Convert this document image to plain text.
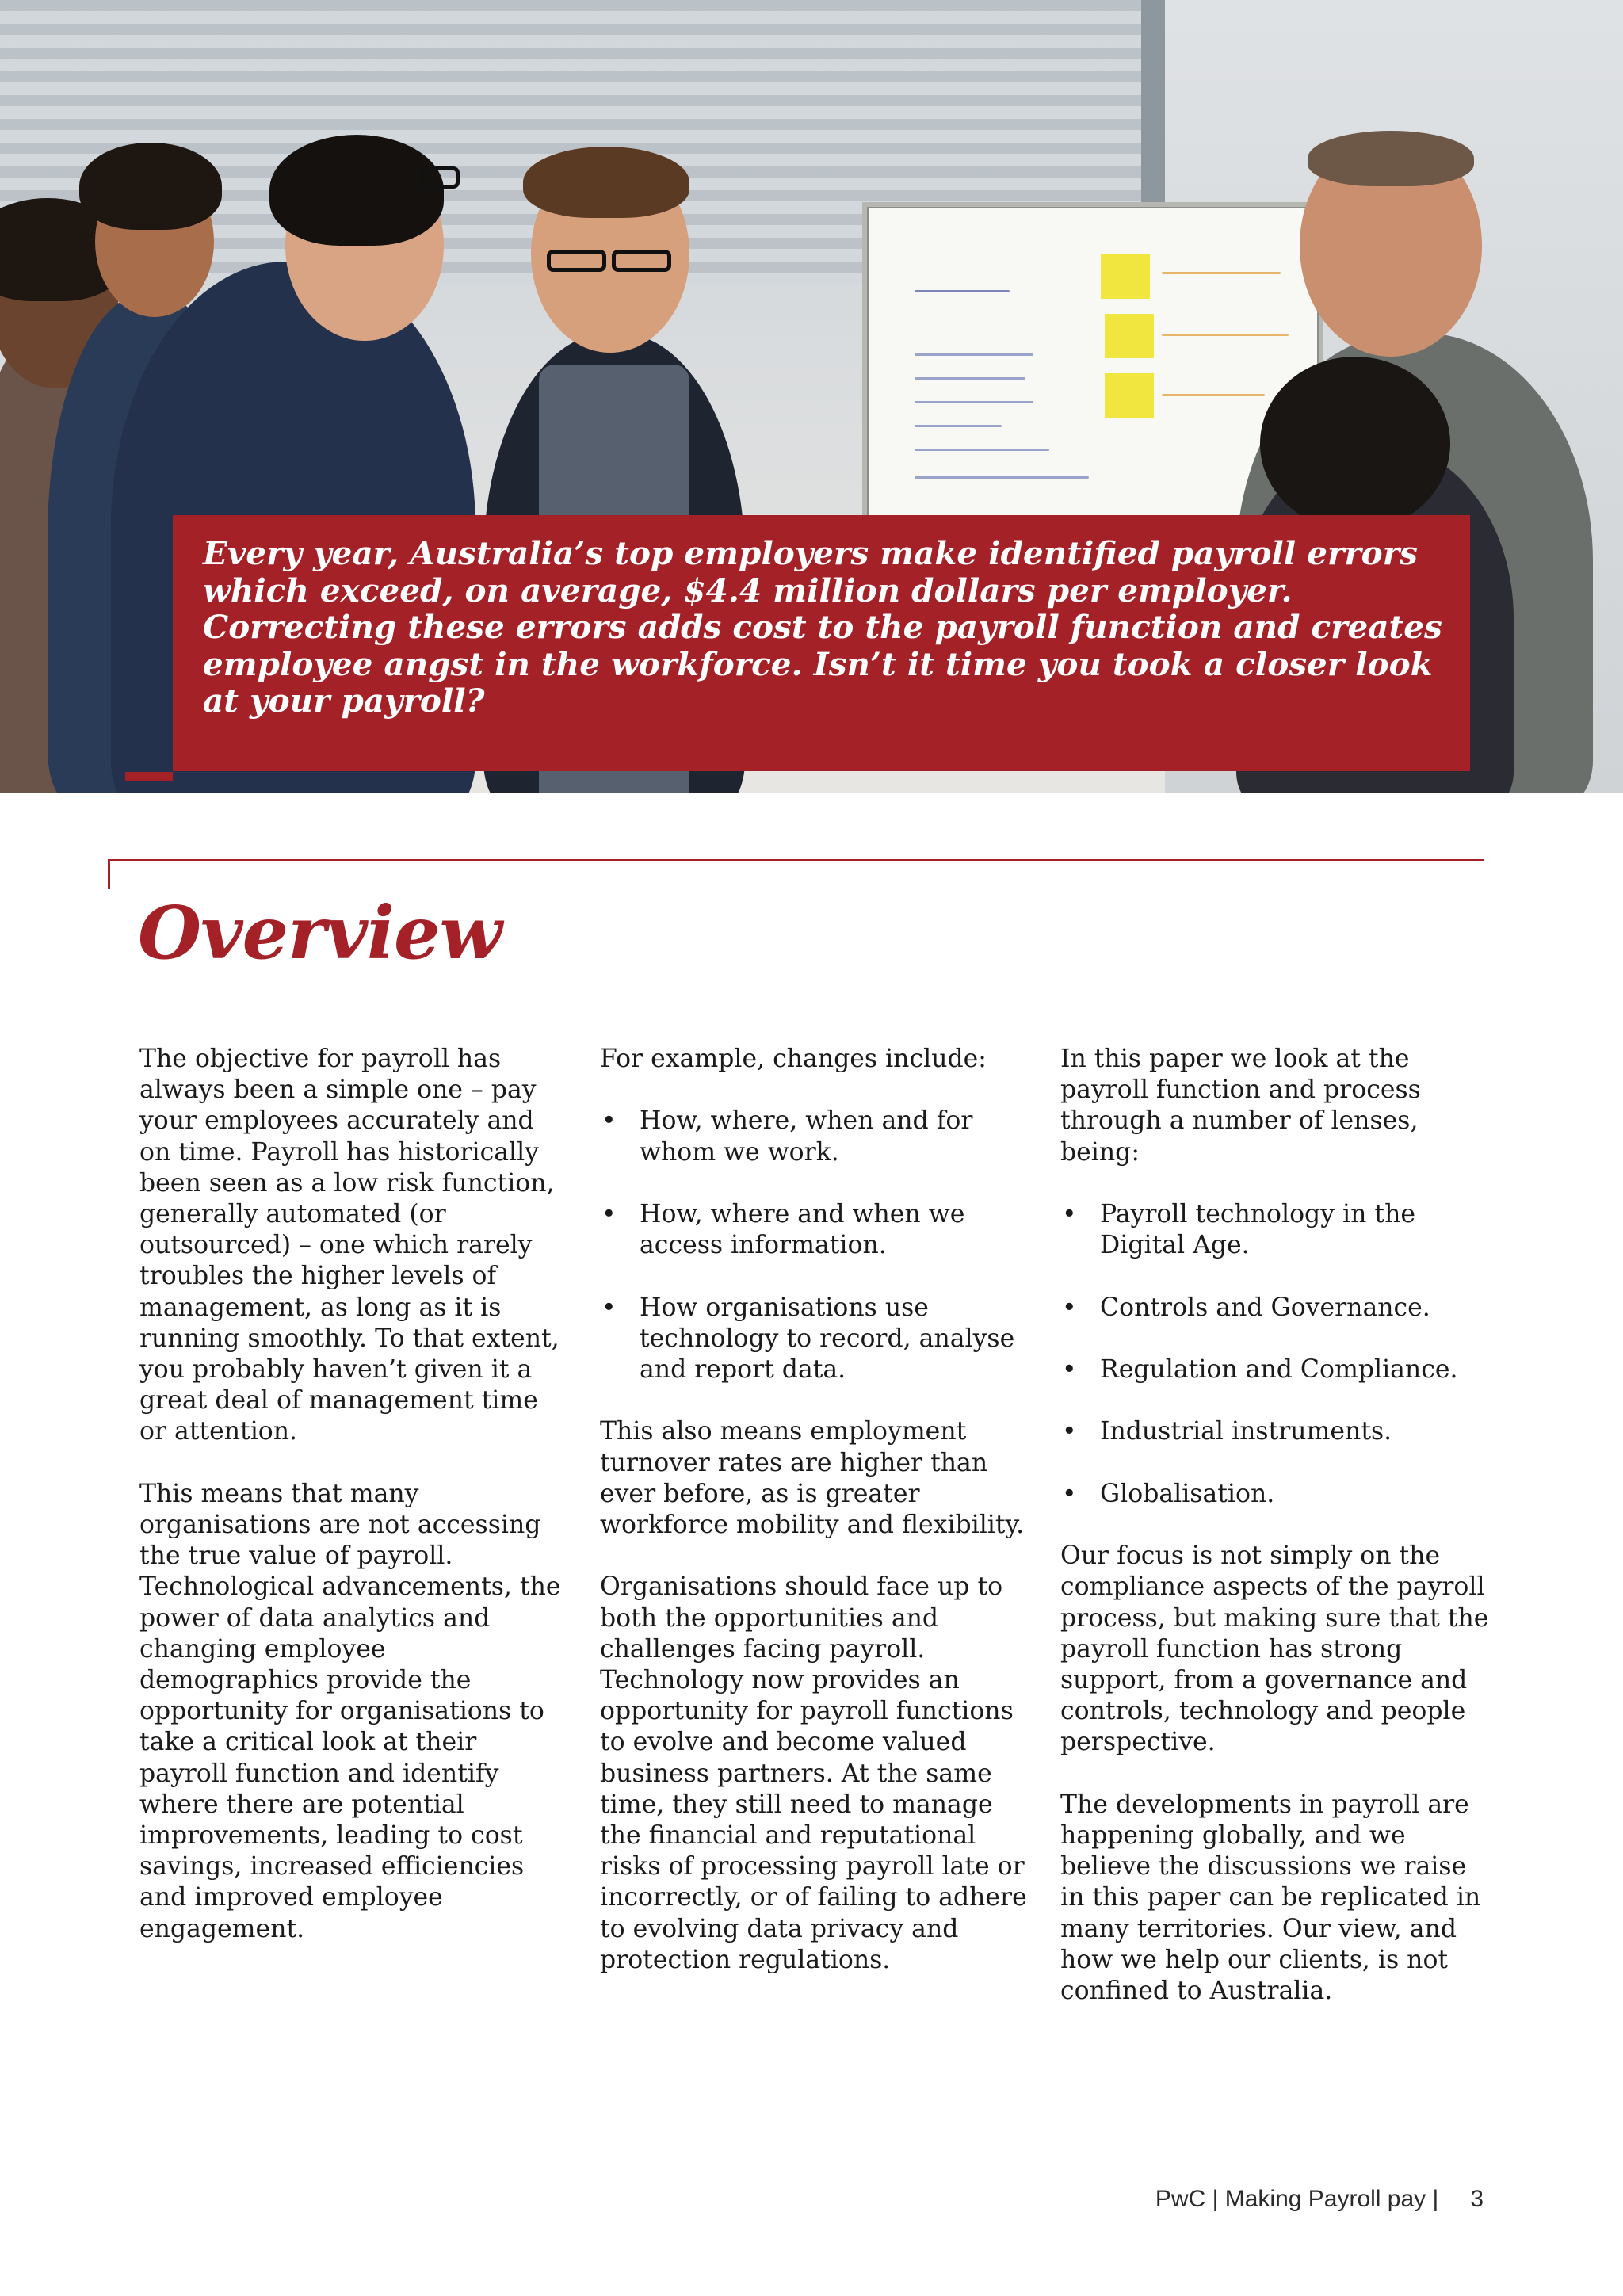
Every year, Australia’s top employers make identified payroll errors which exceed, on average, $4.4 million dollars per employer. Correcting these errors adds cost to the payroll function and creates employee angst in the workforce. Isn’t it time you took a closer look at your payroll?

Overview

The objective for payroll has always been a simple one – pay your employees accurately and on time. Payroll has historically been seen as a low risk function, generally automated (or outsourced) – one which rarely troubles the higher levels of management, as long as it is running smoothly. To that extent, you probably haven’t given it a great deal of management time or attention.

This means that many organisations are not accessing the true value of payroll. Technological advancements, the power of data analytics and changing employee demographics provide the opportunity for organisations to take a critical look at their payroll function and identify where there are potential improvements, leading to cost savings, increased efficiencies and improved employee engagement.

For example, changes include:

• How, where, when and for whom we work.
• How, where and when we access information.
• How organisations use technology to record, analyse and report data.

This also means employment turnover rates are higher than ever before, as is greater workforce mobility and flexibility.

Organisations should face up to both the opportunities and challenges facing payroll. Technology now provides an opportunity for payroll functions to evolve and become valued business partners. At the same time, they still need to manage the financial and reputational risks of processing payroll late or incorrectly, or of failing to adhere to evolving data privacy and protection regulations.

In this paper we look at the payroll function and process through a number of lenses, being:

• Payroll technology in the Digital Age.
• Controls and Governance.
• Regulation and Compliance.
• Industrial instruments.
• Globalisation.

Our focus is not simply on the compliance aspects of the payroll process, but making sure that the payroll function has strong support, from a governance and controls, technology and people perspective.

The developments in payroll are happening globally, and we believe the discussions we raise in this paper can be replicated in many territories. Our view, and how we help our clients, is not confined to Australia.

PwC | Making Payroll pay | 3
